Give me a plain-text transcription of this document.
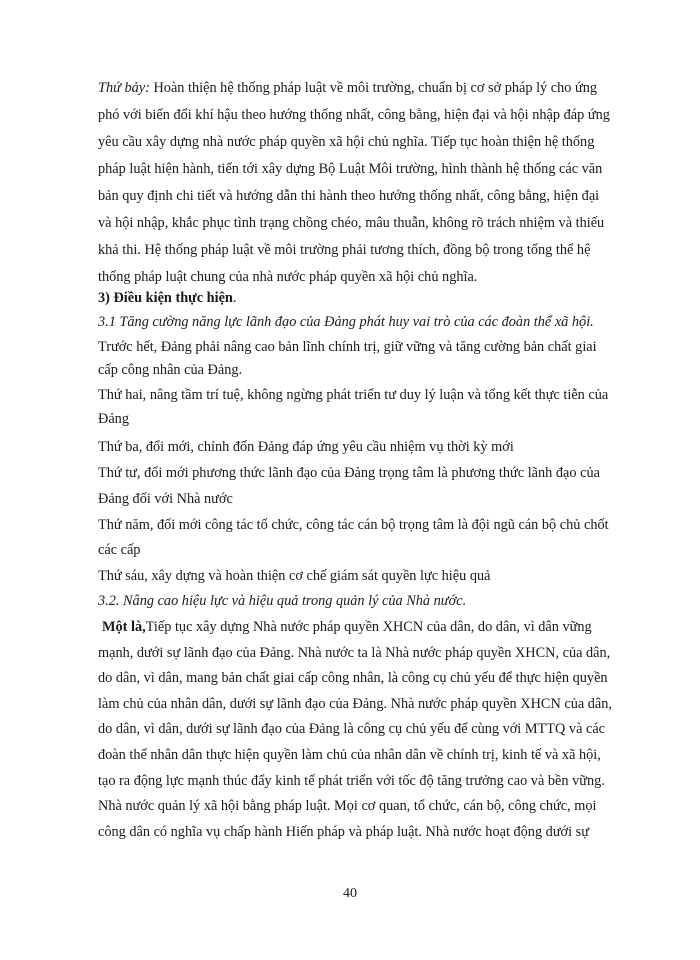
Thứ bảy: Hoàn thiện hệ thống pháp luật về môi trường, chuẩn bị cơ sở pháp lý cho ứng
phó với biến đổi khí hậu theo hướng thống nhất, công bằng, hiện đại và hội nhập đáp ứng
yêu cầu xây dựng nhà nước pháp quyền xã hội chủ nghĩa. Tiếp tục hoàn thiện hệ thống
pháp luật hiện hành, tiến tới xây dựng Bộ Luật Môi trường, hình thành hệ thống các văn
bản quy định chi tiết và hướng dẫn thi hành theo hướng thống nhất, công bằng, hiện đại
và hội nhập, khắc phục tình trạng chồng chéo, mâu thuẫn, không rõ trách nhiệm và thiếu
khả thi. Hệ thống pháp luật về môi trường phải tương thích, đồng bộ trong tổng thể hệ
thống pháp luật chung của nhà nước pháp quyền xã hội chủ nghĩa.
3) Điều kiện thực hiện.
3.1 Tăng cường năng lực lãnh đạo của Đảng phát huy vai trò của các đoàn thể xã hội.
Trước hết, Đảng phải nâng cao bản lĩnh chính trị, giữ vững và tăng cường bản chất giai
cấp công nhân của Đảng.
Thứ hai, nâng tầm trí tuệ, không ngừng phát triển tư duy lý luận và tổng kết thực tiễn của
Đảng
Thứ ba, đổi mới, chỉnh đốn Đảng đáp ứng yêu cầu nhiệm vụ thời kỳ mới
Thứ tư, đổi mới phương thức lãnh đạo của Đảng trọng tâm là phương thức lãnh đạo của
Đảng đối với Nhà nước
Thứ năm, đổi mới công tác tổ chức, công tác cán bộ trọng tâm là đội ngũ cán bộ chủ chốt
các cấp
Thứ sáu, xây dựng và hoàn thiện cơ chế giám sát quyền lực hiệu quả
3.2. Nâng cao hiệu lực và hiệu quả trong quản lý của Nhà nước.
Một là,Tiếp tục xây dựng Nhà nước pháp quyền XHCN của dân, do dân, vì dân vững
mạnh, dưới sự lãnh đạo của Đảng. Nhà nước ta là Nhà nước pháp quyền XHCN, của dân,
do dân, vì dân, mang bản chất giai cấp công nhân, là công cụ chủ yếu để thực hiện quyền
làm chủ của nhân dân, dưới sự lãnh đạo của Đảng. Nhà nước pháp quyền XHCN của dân,
do dân, vì dân, dưới sự lãnh đạo của Đảng là công cụ chủ yếu để cùng với MTTQ và các
đoàn thể nhân dân thực hiện quyền làm chủ của nhân dân về chính trị, kinh tế và xã hội,
tạo ra động lực mạnh thúc đẩy kinh tế phát triển với tốc độ tăng trưởng cao và bền vững.
Nhà nước quản lý xã hội bằng pháp luật. Mọi cơ quan, tổ chức, cán bộ, công chức, mọi
công dân có nghĩa vụ chấp hành Hiến pháp và pháp luật. Nhà nước hoạt động dưới sự
40
